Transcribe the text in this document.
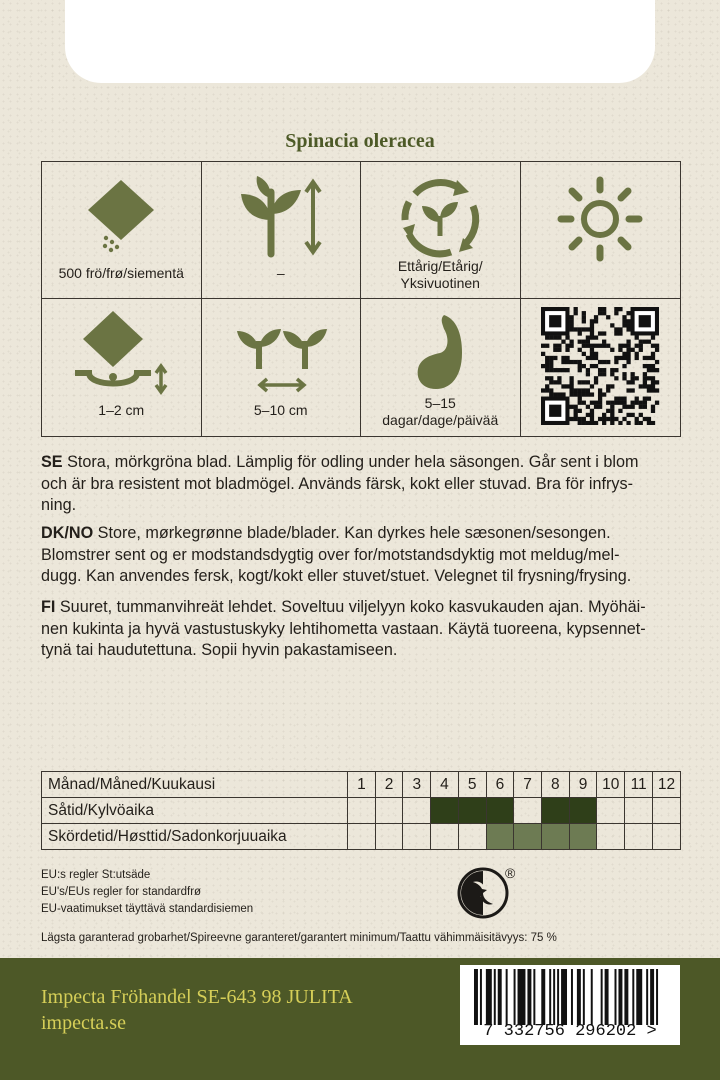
Spinacia oleracea
500 frö/frø/siementä	–	Ettårig/Etårig/
Yksivuotinen
1–2 cm	5–10 cm	5–15
dagar/dage/päivää
SE Stora, mörkgröna blad. Lämplig för odling under hela säsongen. Går sent i blom
och är bra resistent mot bladmögel. Används färsk, kokt eller stuvad. Bra för infrys-
ning.
DK/NO Store, mørkegrønne blade/blader. Kan dyrkes hele sæsonen/sesongen.
Blomstrer sent og er modstandsdygtig over for/motstandsdyktig mot meldug/mel-
dugg. Kan anvendes fersk, kogt/kokt eller stuvet/stuet. Velegnet til frysning/frysing.
FI Suuret, tummanvihreät lehdet. Soveltuu viljelyyn koko kasvukauden ajan. Myöhäi-
nen kukinta ja hyvä vastustuskyky lehtihometta vastaan. Käytä tuoreena, kypsennet-
tynä tai haudutettuna. Sopii hyvin pakastamiseen.
Månad/Måned/Kuukausi	1	2	3	4	5	6	7	8	9	10	11	12
Såtid/Kylvöaika												
Skördetid/Høsttid/Sadonkorjuuaika												
EU:s regler St:utsäde
EU's/EUs regler for standardfrø
EU-vaatimukset täyttävä standardisiemen
Lägsta garanterad grobarhet/Spireevne garanteret/garantert minimum/Taattu vähimmäisitävyys: 75 %
®
Impecta Fröhandel SE-643 98 JULITA
impecta.se	7 332756 296202 >
